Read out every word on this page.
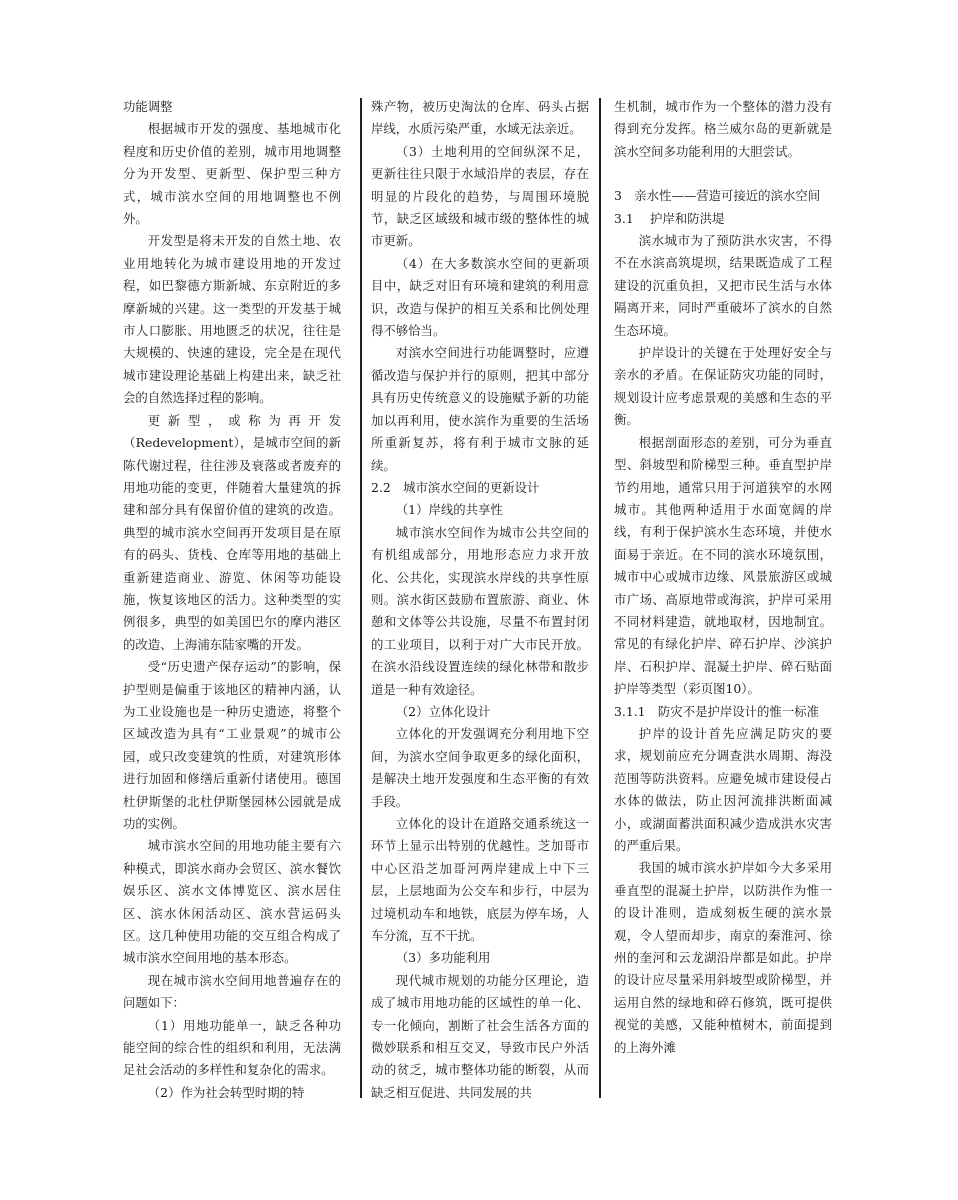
功能调整

根据城市开发的强度、基地城市化程度和历史价值的差别，城市用地调整分为开发型、更新型、保护型三种方式，城市滨水空间的用地调整也不例外。

开发型是将未开发的自然土地、农业用地转化为城市建设用地的开发过程，如巴黎德方斯新城、东京附近的多摩新城的兴建。这一类型的开发基于城市人口膨胀、用地匮乏的状况，往往是大规模的、快速的建设，完全是在现代城市建设理论基础上构建出来，缺乏社会的自然选择过程的影响。

更新型，或称为再开发（Redevelopment），是城市空间的新陈代谢过程，往往涉及衰落或者废弃的用地功能的变更，伴随着大量建筑的拆建和部分具有保留价值的建筑的改造。典型的城市滨水空间再开发项目是在原有的码头、货栈、仓库等用地的基础上重新建造商业、游览、休闲等功能设施，恢复该地区的活力。这种类型的实例很多，典型的如美国巴尔的摩内港区的改造、上海浦东陆家嘴的开发。

受“历史遗产保存运动”的影响，保护型则是偏重于该地区的精神内涵，认为工业设施也是一种历史遗迹，将整个区域改造为具有“工业景观”的城市公园，或只改变建筑的性质，对建筑形体进行加固和修缮后重新付诸使用。德国杜伊斯堡的北杜伊斯堡园林公园就是成功的实例。

城市滨水空间的用地功能主要有六种模式，即滨水商办会贸区、滨水餐饮娱乐区、滨水文体博览区、滨水居住区、滨水休闲活动区、滨水营运码头区。这几种使用功能的交互组合构成了城市滨水空间用地的基本形态。

现在城市滨水空间用地普遍存在的问题如下：

（1）用地功能单一，缺乏各种功能空间的综合性的组织和利用，无法满足社会活动的多样性和复杂化的需求。

（2）作为社会转型时期的特

殊产物，被历史淘汰的仓库、码头占据岸线，水质污染严重，水域无法亲近。

（3）土地利用的空间纵深不足，更新往往只限于水域沿岸的表层，存在明显的片段化的趋势，与周围环境脱节，缺乏区域级和城市级的整体性的城市更新。

（4）在大多数滨水空间的更新项目中，缺乏对旧有环境和建筑的利用意识，改造与保护的相互关系和比例处理得不够恰当。

对滨水空间进行功能调整时，应遵循改造与保护并行的原则，把其中部分具有历史传统意义的设施赋予新的功能加以再利用，使水滨作为重要的生活场所重新复苏，将有利于城市文脉的延续。

2.2　城市滨水空间的更新设计

（1）岸线的共享性

城市滨水空间作为城市公共空间的有机组成部分，用地形态应力求开放化、公共化，实现滨水岸线的共享性原则。滨水街区鼓励布置旅游、商业、休憩和文体等公共设施，尽量不布置封闭的工业项目，以利于对广大市民开放。在滨水沿线设置连续的绿化林带和散步道是一种有效途径。

（2）立体化设计

立体化的开发强调充分利用地下空间，为滨水空间争取更多的绿化面积，是解决土地开发强度和生态平衡的有效手段。

立体化的设计在道路交通系统这一环节上显示出特别的优越性。芝加哥市中心区沿芝加哥河两岸建成上中下三层，上层地面为公交车和步行，中层为过境机动车和地铁，底层为停车场，人车分流，互不干扰。

（3）多功能利用

现代城市规划的功能分区理论，造成了城市用地功能的区域性的单一化、专一化倾向，割断了社会生活各方面的微妙联系和相互交叉，导致市民户外活动的贫乏，城市整体功能的断裂，从而缺乏相互促进、共同发展的共

生机制，城市作为一个整体的潜力没有得到充分发挥。格兰威尔岛的更新就是滨水空间多功能利用的大胆尝试。

3　亲水性——营造可接近的滨水空间

3.1　 护岸和防洪堤

滨水城市为了预防洪水灾害，不得不在水滨高筑堤坝，结果既造成了工程建设的沉重负担，又把市民生活与水体隔离开来，同时严重破坏了滨水的自然生态环境。

护岸设计的关键在于处理好安全与亲水的矛盾。在保证防灾功能的同时，规划设计应考虑景观的美感和生态的平衡。

根据剖面形态的差别，可分为垂直型、斜坡型和阶梯型三种。垂直型护岸节约用地，通常只用于河道狭窄的水网城市。其他两种适用于水面宽阔的岸线，有利于保护滨水生态环境，并使水面易于亲近。在不同的滨水环境氛围，城市中心或城市边缘、风景旅游区或城市广场、高原地带或海滨，护岸可采用不同材料建造，就地取材，因地制宜。常见的有绿化护岸、碎石护岸、沙滨护岸、石积护岸、混凝土护岸、碎石贴面护岸等类型（彩页图10）。

3.1.1　防灾不是护岸设计的惟一标准

护岸的设计首先应满足防灾的要求，规划前应充分调查洪水周期、海没范围等防洪资料。应避免城市建设侵占水体的做法，防止因河流排洪断面减小，或湖面蓄洪面积减少造成洪水灾害的严重后果。

我国的城市滨水护岸如今大多采用垂直型的混凝土护岸，以防洪作为惟一的设计准则，造成刻板生硬的滨水景观，令人望而却步，南京的秦淮河、徐州的奎河和云龙湖沿岸都是如此。护岸的设计应尽量采用斜坡型或阶梯型，并运用自然的绿地和碎石修筑，既可提供视觉的美感，又能种植树木，前面提到的上海外滩
